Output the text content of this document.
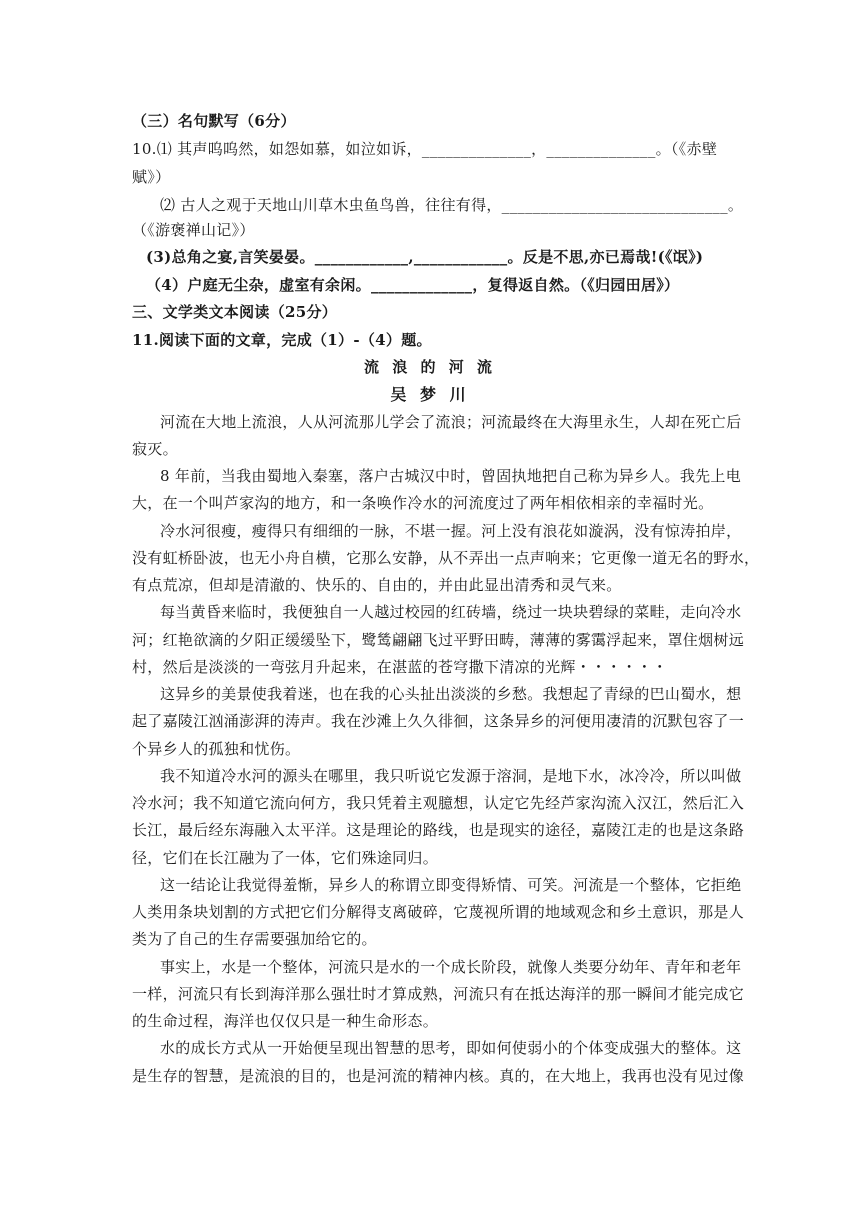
（三）名句默写（6分）
10.⑴ 其声呜呜然，如怨如慕，如泣如诉，______________，______________。（《赤壁
赋》）
⑵ 古人之观于天地山川草木虫鱼鸟兽，往往有得，_____________________________。
（《游褒禅山记》）
(3)总角之宴,言笑晏晏。____________,____________。反是不思,亦已焉哉!(《氓》)
（4）户庭无尘杂，虚室有余闲。_____________，复得返自然。（《归园田居》）
三、文学类文本阅读（25分）
11.阅读下面的文章，完成（1）-（4）题。
流 浪 的 河 流
吴 梦 川
河流在大地上流浪，人从河流那儿学会了流浪；河流最终在大海里永生，人却在死亡后
寂灭。
8 年前，当我由蜀地入秦塞，落户古城汉中时，曾固执地把自己称为异乡人。我先上电
大，在一个叫芦家沟的地方，和一条唤作冷水的河流度过了两年相依相亲的幸福时光。
冷水河很瘦，瘦得只有细细的一脉，不堪一握。河上没有浪花如漩涡，没有惊涛拍岸，
没有虹桥卧波，也无小舟自横，它那么安静，从不弄出一点声响来；它更像一道无名的野水，
有点荒凉，但却是清澈的、快乐的、自由的，并由此显出清秀和灵气来。
每当黄昏来临时，我便独自一人越过校园的红砖墙，绕过一块块碧绿的菜畦，走向冷水
河；红艳欲滴的夕阳正缓缓坠下，鹭鸶翩翩飞过平野田畴，薄薄的雾霭浮起来，罩住烟树远
村，然后是淡淡的一弯弦月升起来，在湛蓝的苍穹撒下清凉的光辉・・・・・・
这异乡的美景使我着迷，也在我的心头扯出淡淡的乡愁。我想起了青绿的巴山蜀水，想
起了嘉陵江汹涌澎湃的涛声。我在沙滩上久久徘徊，这条异乡的河便用凄清的沉默包容了一
个异乡人的孤独和忧伤。
我不知道冷水河的源头在哪里，我只听说它发源于溶洞，是地下水，冰冷冷，所以叫做
冷水河；我不知道它流向何方，我只凭着主观臆想，认定它先经芦家沟流入汉江，然后汇入
长江，最后经东海融入太平洋。这是理论的路线，也是现实的途径，嘉陵江走的也是这条路
径，它们在长江融为了一体，它们殊途同归。
这一结论让我觉得羞惭，异乡人的称谓立即变得矫情、可笑。河流是一个整体，它拒绝
人类用条块划割的方式把它们分解得支离破碎，它蔑视所谓的地域观念和乡土意识，那是人
类为了自己的生存需要强加给它的。
事实上，水是一个整体，河流只是水的一个成长阶段，就像人类要分幼年、青年和老年
一样，河流只有长到海洋那么强壮时才算成熟，河流只有在抵达海洋的那一瞬间才能完成它
的生命过程，海洋也仅仅只是一种生命形态。
水的成长方式从一开始便呈现出智慧的思考，即如何使弱小的个体变成强大的整体。这
是生存的智慧，是流浪的目的，也是河流的精神内核。真的，在大地上，我再也没有见过像
